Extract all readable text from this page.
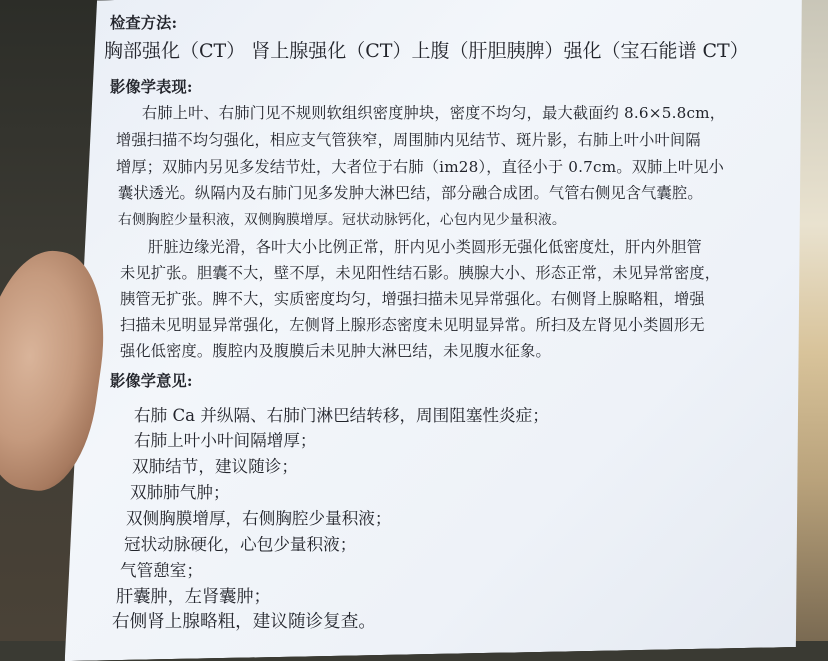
检查方法:
胸部强化（CT） 肾上腺强化（CT）上腹（肝胆胰脾）强化（宝石能谱 CT）
影像学表现:
右肺上叶、右肺门见不规则软组织密度肿块，密度不均匀，最大截面约 8.6×5.8cm，
增强扫描不均匀强化，相应支气管狭窄，周围肺内见结节、斑片影，右肺上叶小叶间隔
增厚；双肺内另见多发结节灶，大者位于右肺（im28），直径小于 0.7cm。双肺上叶见小
囊状透光。纵隔内及右肺门见多发肿大淋巴结，部分融合成团。气管右侧见含气囊腔。
右侧胸腔少量积液，双侧胸膜增厚。冠状动脉钙化，心包内见少量积液。
肝脏边缘光滑，各叶大小比例正常，肝内见小类圆形无强化低密度灶，肝内外胆管
未见扩张。胆囊不大，壁不厚，未见阳性结石影。胰腺大小、形态正常，未见异常密度，
胰管无扩张。脾不大，实质密度均匀，增强扫描未见异常强化。右侧肾上腺略粗，增强
扫描未见明显异常强化，左侧肾上腺形态密度未见明显异常。所扫及左肾见小类圆形无
强化低密度。腹腔内及腹膜后未见肿大淋巴结，未见腹水征象。
影像学意见:
右肺 Ca 并纵隔、右肺门淋巴结转移，周围阻塞性炎症；
右肺上叶小叶间隔增厚；
双肺结节，建议随诊；
双肺肺气肿；
双侧胸膜增厚，右侧胸腔少量积液；
冠状动脉硬化，心包少量积液；
气管憩室；
肝囊肿，左肾囊肿；
右侧肾上腺略粗，建议随诊复查。
